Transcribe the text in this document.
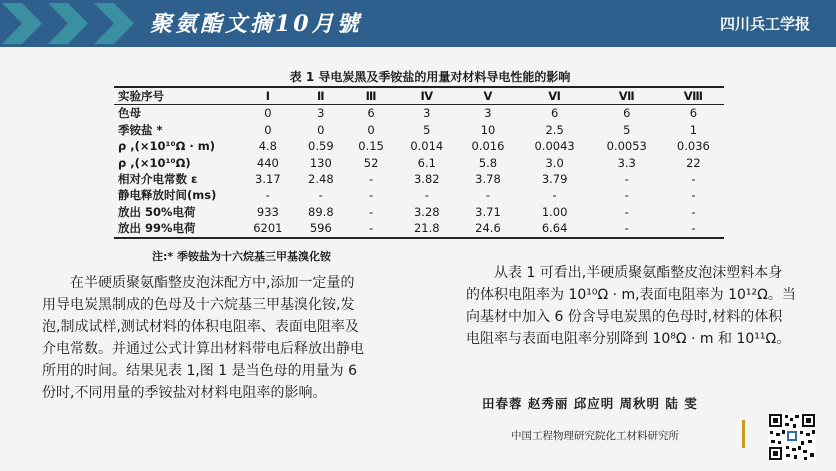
聚氨酯文摘10月號	四川兵工学报
表 1 导电炭黑及季铵盐的用量对材料导电性能的影响
实验序号	Ⅰ	Ⅱ	Ⅲ	Ⅳ	Ⅴ	Ⅵ	Ⅶ	Ⅷ
色母	0	3	6	3	3	6	6	6
季铵盐 *	0	0	0	5	10	2.5	5	1
ρ ,(×10¹⁰Ω · m)	4.8	0.59	0.15	0.014	0.016	0.0043	0.0053	0.036
ρ ,(×10¹⁰Ω)	440	130	52	6.1	5.8	3.0	3.3	22
相对介电常数 ε	3.17	2.48	-	3.82	3.78	3.79	-	-
静电释放时间(ms)	-	-	-	-	-	-	-	-
放出 50%电荷	933	89.8	-	3.28	3.71	1.00	-	-
放出 99%电荷	6201	596	-	21.8	24.6	6.64	-	-
注:* 季铵盐为十六烷基三甲基溴化铵
在半硬质聚氨酯整皮泡沫配方中,添加一定量的用导电炭黑制成的色母及十六烷基三甲基溴化铵,发泡,制成试样,测试材料的体积电阻率、表面电阻率及介电常数。并通过公式计算出材料带电后释放出静电所用的时间。结果见表 1,图 1 是当色母的用量为 6 份时,不同用量的季铵盐对材料电阻率的影响。
从表 1 可看出,半硬质聚氨酯整皮泡沫塑料本身的体积电阻率为 10¹⁰Ω · m,表面电阻率为 10¹²Ω。当向基材中加入 6 份含导电炭黑的色母时,材料的体积电阻率与表面电阻率分别降到 10⁸Ω · m 和 10¹¹Ω。
田春蓉 赵秀丽 邱应明 周秋明 陆 雯
中国工程物理研究院化工材料研究所
